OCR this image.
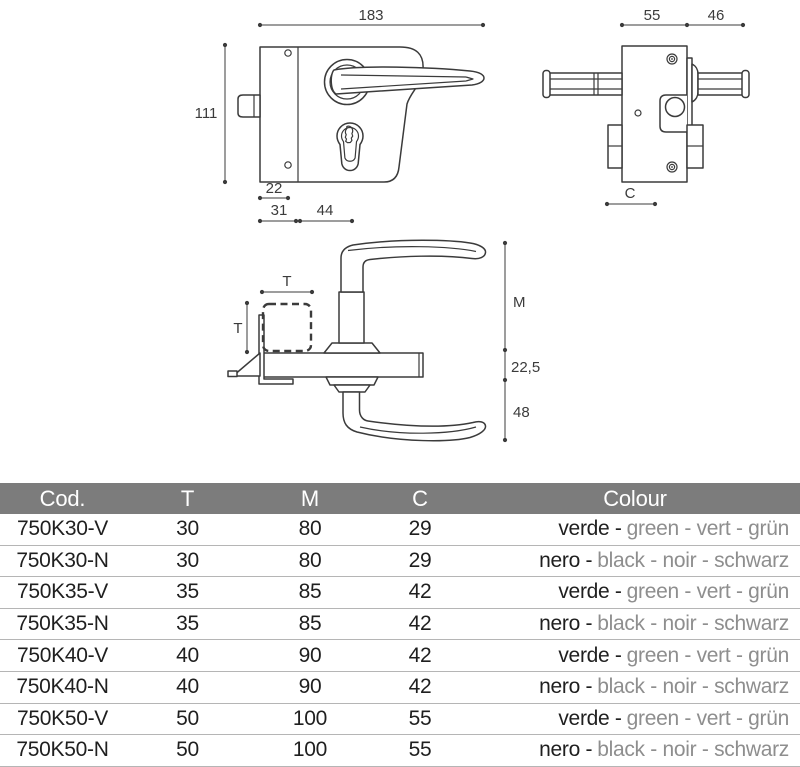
183
111
22
31 44
55	46
C
T
T
M
22,5
48
Cod.	T	M	C	Colour
750K30-V	30	80	29	verde - green - vert - grün
750K30-N	30	80	29	nero - black - noir - schwarz
750K35-V	35	85	42	verde - green - vert - grün
750K35-N	35	85	42	nero - black - noir - schwarz
750K40-V	40	90	42	verde - green - vert - grün
750K40-N	40	90	42	nero - black - noir - schwarz
750K50-V	50	100	55	verde - green - vert - grün
750K50-N	50	100	55	nero - black - noir - schwarz
